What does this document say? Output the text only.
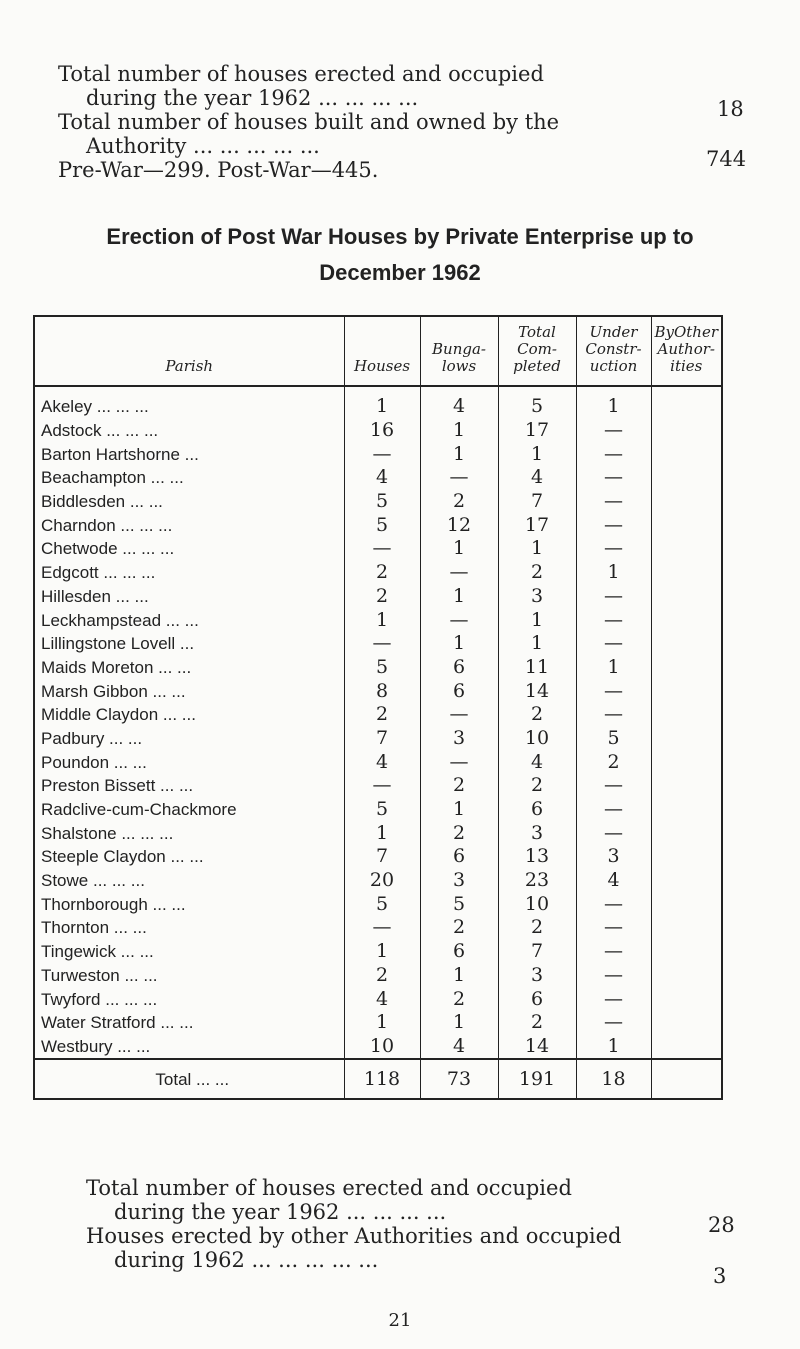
Total number of houses erected and occupied
during the year 1962 ... ... ... ...	18
Total number of houses built and owned by the
Authority ... ... ... ... ...
744
Pre-War—299. Post-War—445.
Erection of Post War Houses by Private Enterprise up to
December 1962
Parish	Houses	Bunga-lows	Total Com-pleted	Under Constr-uction	ByOther Author-ities
Akeley ... ... ...	1	4	5	1	
Adstock ... ... ...	16	1	17	—	
Barton Hartshorne ...	—	1	1	—	
Beachampton ... ...	4	—	4	—	
Biddlesden ... ...	5	2	7	—	
Charndon ... ... ...	5	12	17	—	
Chetwode ... ... ...	—	1	1	—	
Edgcott ... ... ...	2	—	2	1	
Hillesden ... ...	2	1	3	—	
Leckhampstead ... ...	1	—	1	—	
Lillingstone Lovell ...	—	1	1	—	
Maids Moreton ... ...	5	6	11	1	
Marsh Gibbon ... ...	8	6	14	—	
Middle Claydon ... ...	2	—	2	—	
Padbury ... ...	7	3	10	5	
Poundon ... ...	4	—	4	2	
Preston Bissett ... ...	—	2	2	—	
Radclive-cum-Chackmore	5	1	6	—	
Shalstone ... ... ...	1	2	3	—	
Steeple Claydon ... ...	7	6	13	3	
Stowe ... ... ...	20	3	23	4	
Thornborough ... ...	5	5	10	—	
Thornton ... ...	—	2	2	—	
Tingewick ... ...	1	6	7	—	
Turweston ... ...	2	1	3	—	
Twyford ... ... ...	4	2	6	—	
Water Stratford ... ...	1	1	2	—	
Westbury ... ...	10	4	14	1	
Total ... ...	118	73	191	18	
Total number of houses erected and occupied
during the year 1962 ... ... ... ...
28
Houses erected by other Authorities and occupied
during 1962 ... ... ... ... ...
3
21
